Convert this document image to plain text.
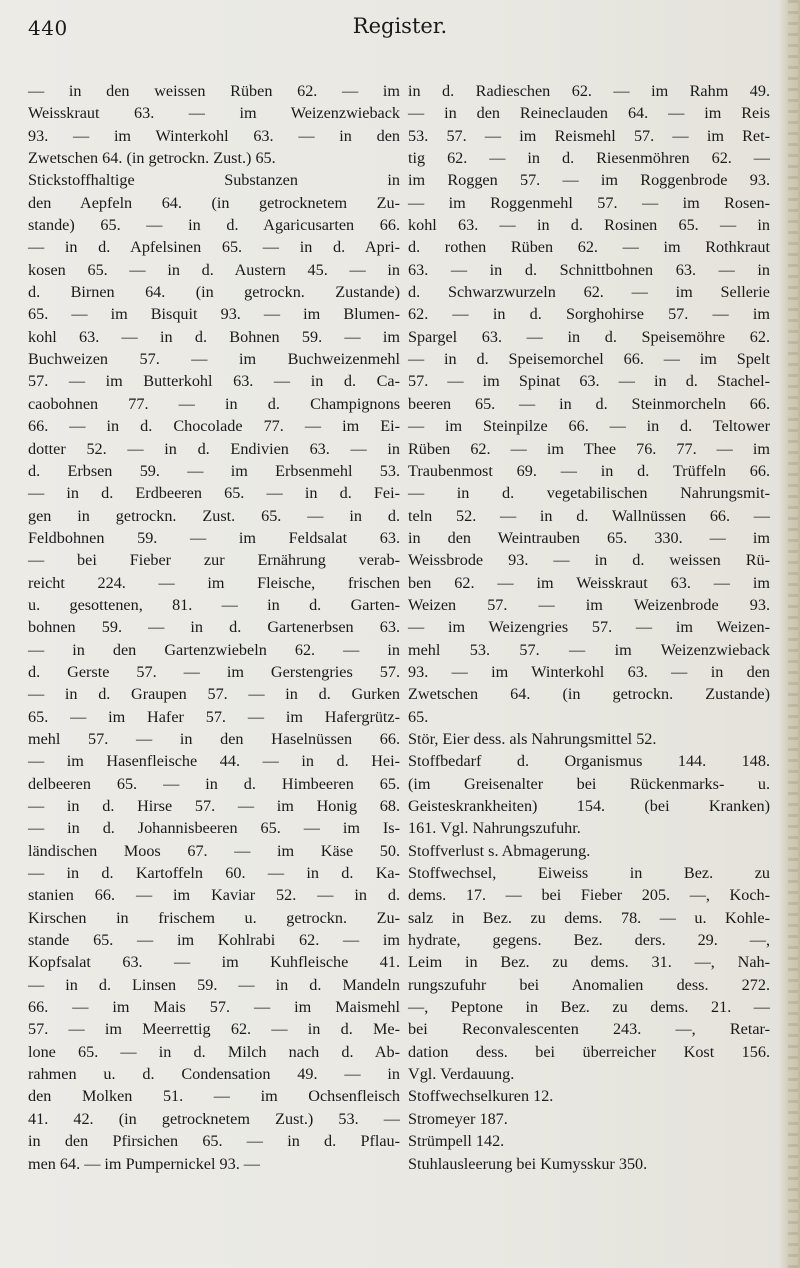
440	Register.
— in den weissen Rüben 62. — im
Weisskraut 63. — im Weizenzwieback
93. — im Winterkohl 63. — in den
Zwetschen 64. (in getrockn. Zust.) 65.
Stickstoffhaltige Substanzen in
den Aepfeln 64. (in getrocknetem Zu-
stande) 65. — in d. Agaricusarten 66.
— in d. Apfelsinen 65. — in d. Apri-
kosen 65. — in d. Austern 45. — in
d. Birnen 64. (in getrockn. Zustande)
65. — im Bisquit 93. — im Blumen-
kohl 63. — in d. Bohnen 59. — im
Buchweizen 57. — im Buchweizenmehl
57. — im Butterkohl 63. — in d. Ca-
caobohnen 77. — in d. Champignons
66. — in d. Chocolade 77. — im Ei-
dotter 52. — in d. Endivien 63. — in
d. Erbsen 59. — im Erbsenmehl 53.
— in d. Erdbeeren 65. — in d. Fei-
gen in getrockn. Zust. 65. — in d.
Feldbohnen 59. — im Feldsalat 63.
— bei Fieber zur Ernährung verab-
reicht 224. — im Fleische, frischen
u. gesottenen, 81. — in d. Garten-
bohnen 59. — in d. Gartenerbsen 63.
— in den Gartenzwiebeln 62. — in
d. Gerste 57. — im Gerstengries 57.
— in d. Graupen 57. — in d. Gurken
65. — im Hafer 57. — im Hafergrütz-
mehl 57. — in den Haselnüssen 66.
— im Hasenfleische 44. — in d. Hei-
delbeeren 65. — in d. Himbeeren 65.
— in d. Hirse 57. — im Honig 68.
— in d. Johannisbeeren 65. — im Is-
ländischen Moos 67. — im Käse 50.
— in d. Kartoffeln 60. — in d. Ka-
stanien 66. — im Kaviar 52. — in d.
Kirschen in frischem u. getrockn. Zu-
stande 65. — im Kohlrabi 62. — im
Kopfsalat 63. — im Kuhfleische 41.
— in d. Linsen 59. — in d. Mandeln
66. — im Mais 57. — im Maismehl
57. — im Meerrettig 62. — in d. Me-
lone 65. — in d. Milch nach d. Ab-
rahmen u. d. Condensation 49. — in
den Molken 51. — im Ochsenfleisch
41. 42. (in getrocknetem Zust.) 53. —
in den Pfirsichen 65. — in d. Pflau-
men 64. — im Pumpernickel 93. —
in d. Radieschen 62. — im Rahm 49.
— in den Reineclauden 64. — im Reis
53. 57. — im Reismehl 57. — im Ret-
tig 62. — in d. Riesenmöhren 62. —
im Roggen 57. — im Roggenbrode 93.
— im Roggenmehl 57. — im Rosen-
kohl 63. — in d. Rosinen 65. — in
d. rothen Rüben 62. — im Rothkraut
63. — in d. Schnittbohnen 63. — in
d. Schwarzwurzeln 62. — im Sellerie
62. — in d. Sorghohirse 57. — im
Spargel 63. — in d. Speisemöhre 62.
— in d. Speisemorchel 66. — im Spelt
57. — im Spinat 63. — in d. Stachel-
beeren 65. — in d. Steinmorcheln 66.
— im Steinpilze 66. — in d. Teltower
Rüben 62. — im Thee 76. 77. — im
Traubenmost 69. — in d. Trüffeln 66.
— in d. vegetabilischen Nahrungsmit-
teln 52. — in d. Wallnüssen 66. —
in den Weintrauben 65. 330. — im
Weissbrode 93. — in d. weissen Rü-
ben 62. — im Weisskraut 63. — im
Weizen 57. — im Weizenbrode 93.
— im Weizengries 57. — im Weizen-
mehl 53. 57. — im Weizenzwieback
93. — im Winterkohl 63. — in den
Zwetschen 64. (in getrockn. Zustande)
65.
Stör, Eier dess. als Nahrungsmittel 52.
Stoffbedarf d. Organismus 144. 148.
(im Greisenalter bei Rückenmarks- u.
Geisteskrankheiten) 154. (bei Kranken)
161. Vgl. Nahrungszufuhr.
Stoffverlust s. Abmagerung.
Stoffwechsel, Eiweiss in Bez. zu
dems. 17. — bei Fieber 205. —, Koch-
salz in Bez. zu dems. 78. — u. Kohle-
hydrate, gegens. Bez. ders. 29. —,
Leim in Bez. zu dems. 31. —, Nah-
rungszufuhr bei Anomalien dess. 272.
—, Peptone in Bez. zu dems. 21. —
bei Reconvalescenten 243. —, Retar-
dation dess. bei überreicher Kost 156.
Vgl. Verdauung.
Stoffwechselkuren 12.
Stromeyer 187.
Strümpell 142.
Stuhlausleerung bei Kumysskur 350.
